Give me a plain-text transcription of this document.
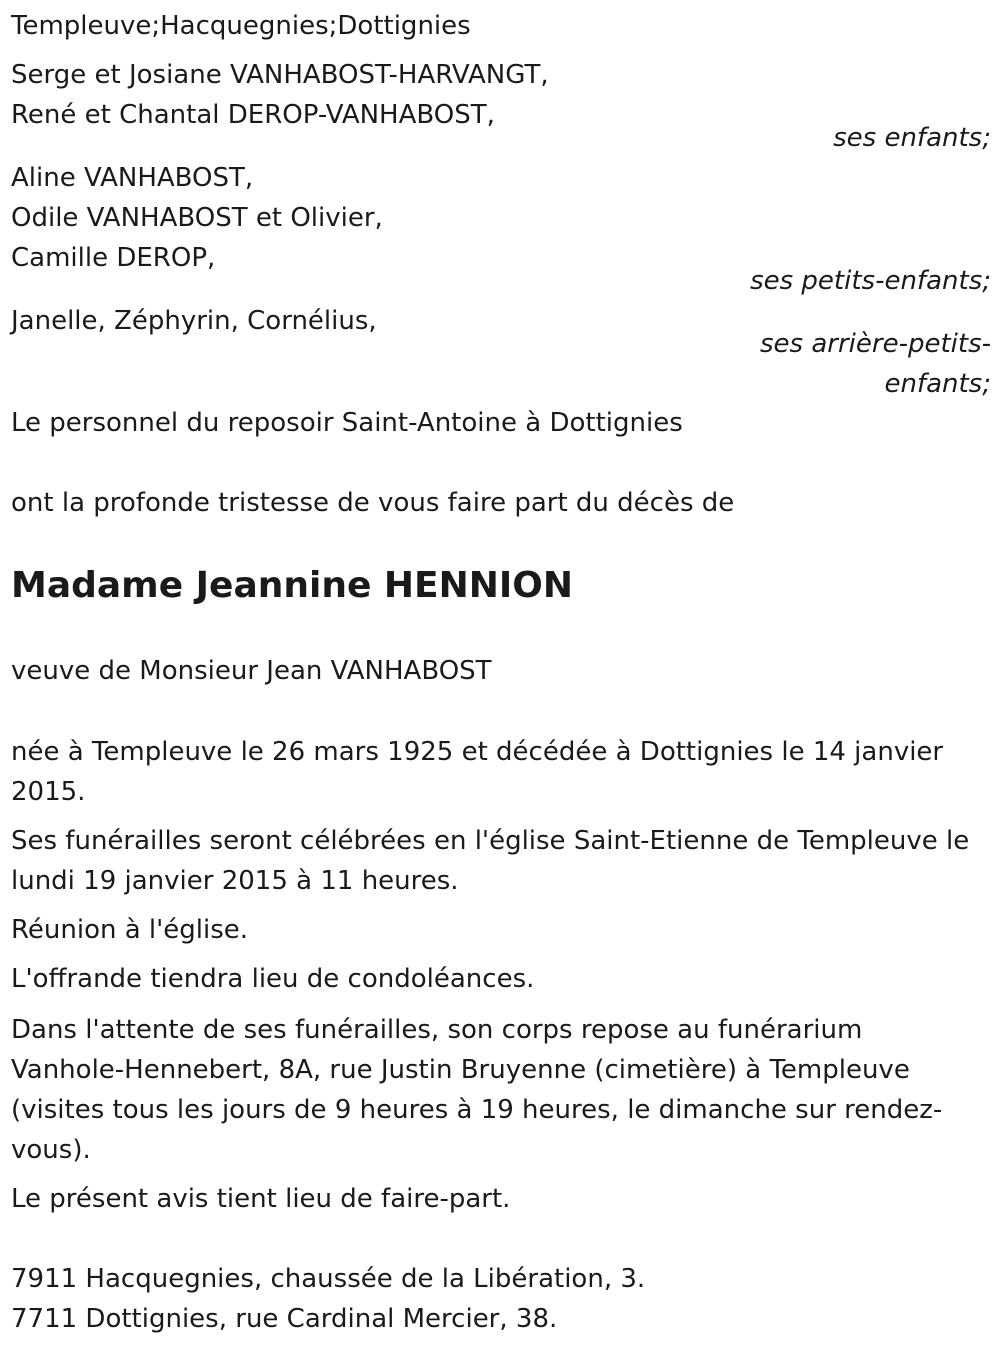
Templeuve;Hacquegnies;Dottignies

Serge et Josiane VANHABOST-HARVANGT,

René et Chantal DEROP-VANHABOST,

ses enfants;

Aline VANHABOST,

Odile VANHABOST et Olivier,

Camille DEROP,

ses petits-enfants;

Janelle, Zéphyrin, Cornélius,

ses arrière-petits-

enfants;

Le personnel du reposoir Saint-Antoine à Dottignies

ont la profonde tristesse de vous faire part du décès de

Madame Jeannine HENNION

veuve de Monsieur Jean VANHABOST

née à Templeuve le 26 mars 1925 et décédée à Dottignies le 14 janvier

2015.

Ses funérailles seront célébrées en l'église Saint-Etienne de Templeuve le

lundi 19 janvier 2015 à 11 heures.

Réunion à l'église.

L'offrande tiendra lieu de condoléances.

Dans l'attente de ses funérailles, son corps repose au funérarium

Vanhole-Hennebert, 8A, rue Justin Bruyenne (cimetière) à Templeuve

(visites tous les jours de 9 heures à 19 heures, le dimanche sur rendez-

vous).

Le présent avis tient lieu de faire-part.

7911 Hacquegnies, chaussée de la Libération, 3.

7711 Dottignies, rue Cardinal Mercier, 38.
